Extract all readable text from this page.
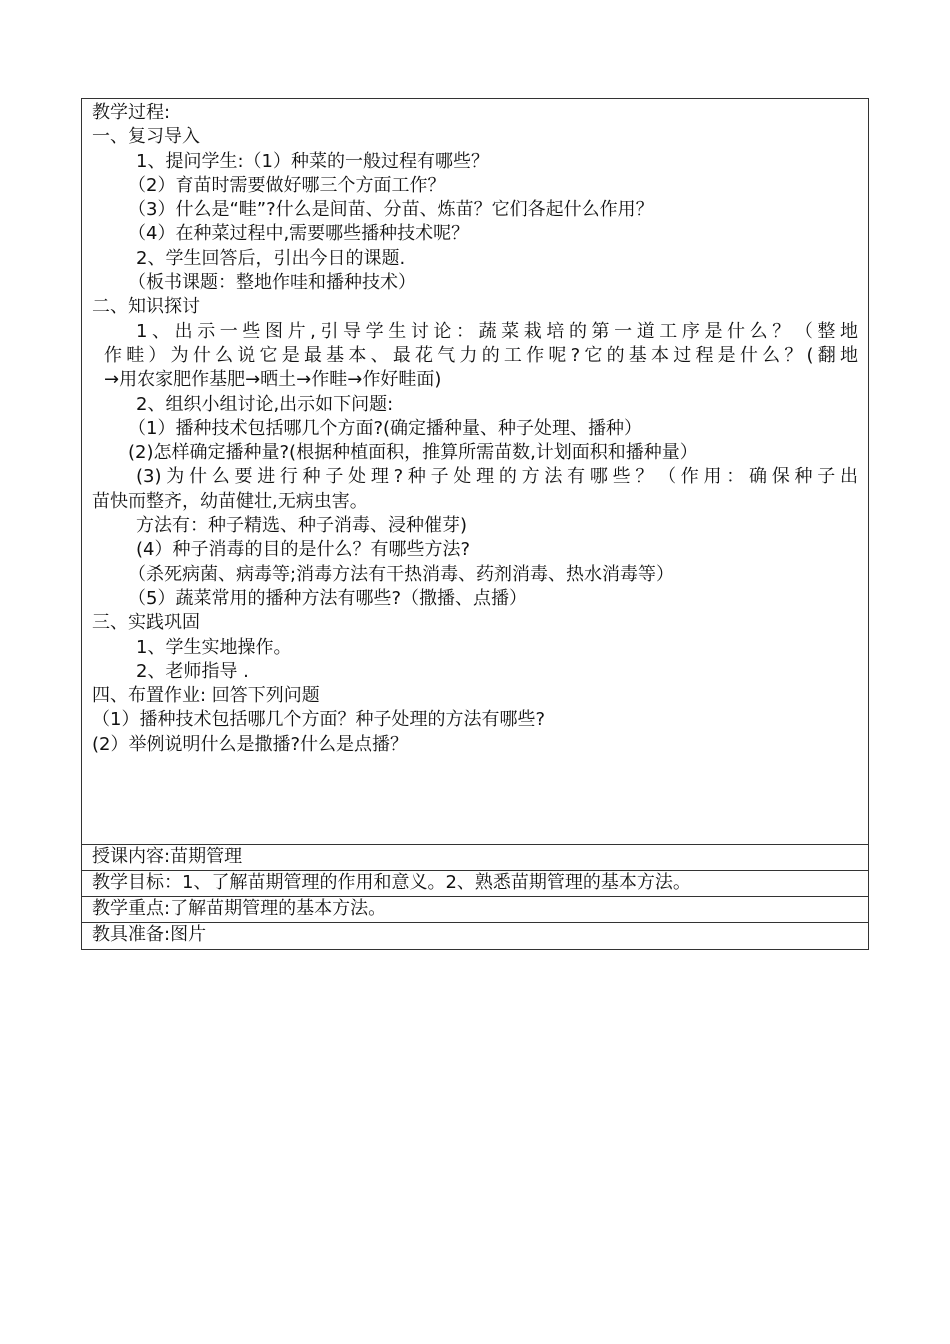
教学过程:
一、复习导入
1、提问学生:（1）种菜的一般过程有哪些？
（2）育苗时需要做好哪三个方面工作？
（3）什么是“畦”?什么是间苗、分苗、炼苗？它们各起什么作用？
（4）在种菜过程中,需要哪些播种技术呢？
2、学生回答后，引出今日的课题.
（板书课题：整地作哇和播种技术）
二、知识探讨
1、出示一些图片,引导学生讨论：蔬菜栽培的第一道工序是什么？（整地
作畦）为什么说它是最基本、最花气力的工作呢?它的基本过程是什么？(翻地
→用农家肥作基肥→晒土→作畦→作好畦面)
2、组织小组讨论,出示如下问题:
（1）播种技术包括哪几个方面?(确定播种量、种子处理、播种）
(2)怎样确定播种量?(根据种植面积，推算所需苗数,计划面积和播种量）
(3)为什么要进行种子处理?种子处理的方法有哪些？（作用：确保种子出
苗快而整齐，幼苗健壮,无病虫害。
方法有：种子精选、种子消毒、浸种催芽)
(4）种子消毒的目的是什么？有哪些方法?
（杀死病菌、病毒等;消毒方法有干热消毒、药剂消毒、热水消毒等）
（5）蔬菜常用的播种方法有哪些?（撒播、点播）
三、实践巩固
1、学生实地操作。
2、老师指导 .
四、布置作业: 回答下列问题
（1）播种技术包括哪几个方面？种子处理的方法有哪些?
(2）举例说明什么是撒播?什么是点播？
授课内容:苗期管理
教学目标：1、了解苗期管理的作用和意义。2、熟悉苗期管理的基本方法。
教学重点:了解苗期管理的基本方法。
教具准备:图片
